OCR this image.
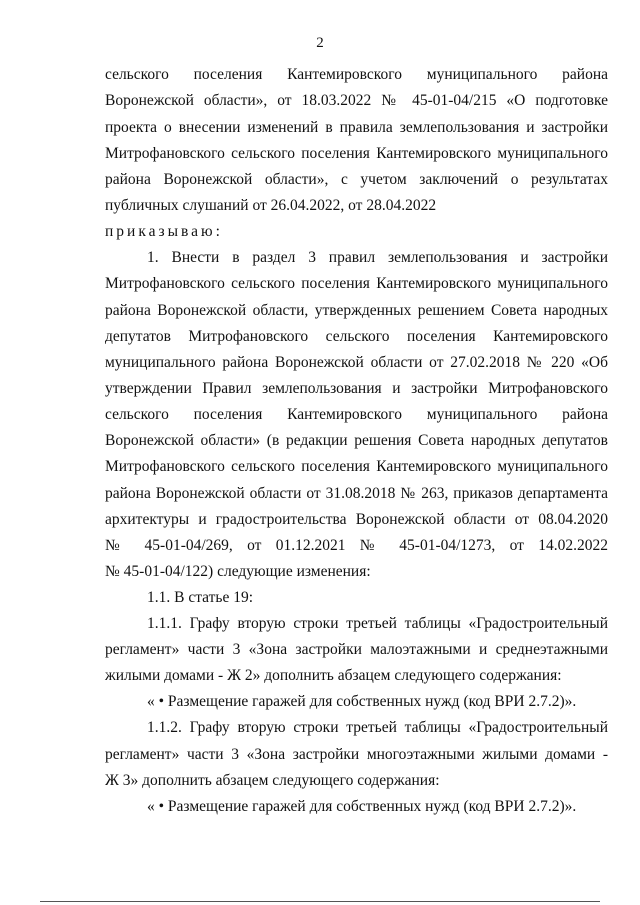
2
сельского поселения Кантемировского муниципального района
Воронежской области», от 18.03.2022 № 45-01-04/215 «О подготовке
проекта о внесении изменений в правила землепользования и застройки
Митрофановского сельского поселения Кантемировского муниципального
района Воронежской области», с учетом заключений о результатах
публичных слушаний от 26.04.2022, от 28.04.2022
приказываю:
1. Внести в раздел 3 правил землепользования и застройки
Митрофановского сельского поселения Кантемировского муниципального
района Воронежской области, утвержденных решением Совета народных
депутатов Митрофановского сельского поселения Кантемировского
муниципального района Воронежской области от 27.02.2018 № 220 «Об
утверждении Правил землепользования и застройки Митрофановского
сельского поселения Кантемировского муниципального района
Воронежской области» (в редакции решения Совета народных депутатов
Митрофановского сельского поселения Кантемировского муниципального
района Воронежской области от 31.08.2018 № 263, приказов департамента
архитектуры и градостроительства Воронежской области от 08.04.2020
№ 45-01-04/269, от 01.12.2021 № 45-01-04/1273, от 14.02.2022
№ 45-01-04/122) следующие изменения:
1.1. В статье 19:
1.1.1. Графу вторую строки третьей таблицы «Градостроительный
регламент» части 3 «Зона застройки малоэтажными и среднеэтажными
жилыми домами - Ж 2» дополнить абзацем следующего содержания:
« • Размещение гаражей для собственных нужд (код ВРИ 2.7.2)».
1.1.2. Графу вторую строки третьей таблицы «Градостроительный
регламент» части 3 «Зона застройки многоэтажными жилыми домами -
Ж 3» дополнить абзацем следующего содержания:
« • Размещение гаражей для собственных нужд (код ВРИ 2.7.2)».
